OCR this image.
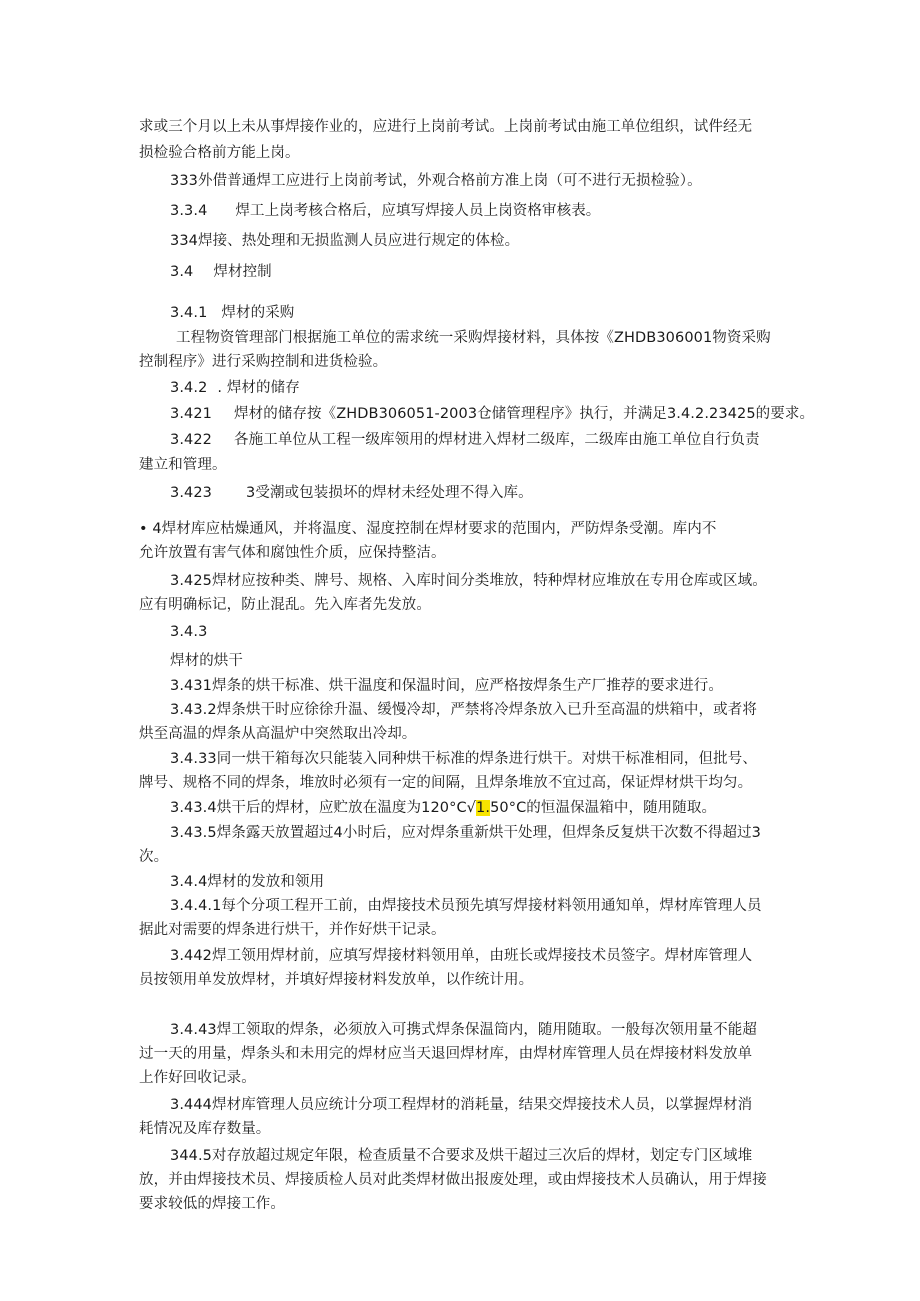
求或三个月以上未从事焊接作业的，应进行上岗前考试。上岗前考试由施工单位组织，试件经无
损检验合格前方能上岗。
333外借普通焊工应进行上岗前考试，外观合格前方准上岗（可不进行无损检验）。
3.3.4 焊工上岗考核合格后，应填写焊接人员上岗资格审核表。
334焊接、热处理和无损监测人员应进行规定的体检。
3.4 焊材控制
3.4.1 焊材的采购
工程物资管理部门根据施工单位的需求统一采购焊接材料，具体按《ZHDB306001物资采购
控制程序》进行采购控制和进货检验。
3.4.2 . 焊材的储存
3.421 焊材的储存按《ZHDB306051-2003仓储管理程序》执行，并满足3.4.2.23425的要求。
3.422 各施工单位从工程一级库领用的焊材进入焊材二级库，二级库由施工单位自行负责
建立和管理。
3.423 3受潮或包装损坏的焊材未经处理不得入库。
• 4焊材库应枯燥通风，并将温度、湿度控制在焊材要求的范围内，严防焊条受潮。库内不
允许放置有害气体和腐蚀性介质，应保持整洁。
3.425焊材应按种类、牌号、规格、入库时间分类堆放，特种焊材应堆放在专用仓库或区域。
应有明确标记，防止混乱。先入库者先发放。
3.4.3
焊材的烘干
3.431焊条的烘干标准、烘干温度和保温时间，应严格按焊条生产厂推荐的要求进行。
3.43.2焊条烘干时应徐徐升温、缓慢冷却，严禁将冷焊条放入已升至高温的烘箱中，或者将
烘至高温的焊条从高温炉中突然取出冷却。
3.4.33同一烘干箱每次只能装入同种烘干标准的焊条进行烘干。对烘干标准相同，但批号、
牌号、规格不同的焊条，堆放时必须有一定的间隔，且焊条堆放不宜过高，保证焊材烘干均匀。
3.43.4烘干后的焊材，应贮放在温度为120°C√1.50°C的恒温保温箱中，随用随取。
3.43.5焊条露天放置超过4小时后，应对焊条重新烘干处理，但焊条反复烘干次数不得超过3
次。
3.4.4焊材的发放和领用
3.4.4.1每个分项工程开工前，由焊接技术员预先填写焊接材料领用通知单，焊材库管理人员
据此对需要的焊条进行烘干，并作好烘干记录。
3.442焊工领用焊材前，应填写焊接材料领用单，由班长或焊接技术员签字。焊材库管理人
员按领用单发放焊材，并填好焊接材料发放单，以作统计用。
3.4.43焊工领取的焊条，必须放入可携式焊条保温筒内，随用随取。一般每次领用量不能超
过一天的用量，焊条头和未用完的焊材应当天退回焊材库，由焊材库管理人员在焊接材料发放单
上作好回收记录。
3.444焊材库管理人员应统计分项工程焊材的消耗量，结果交焊接技术人员，以掌握焊材消
耗情况及库存数量。
344.5对存放超过规定年限，检查质量不合要求及烘干超过三次后的焊材，划定专门区域堆
放，并由焊接技术员、焊接质检人员对此类焊材做出报废处理，或由焊接技术人员确认，用于焊接
要求较低的焊接工作。
